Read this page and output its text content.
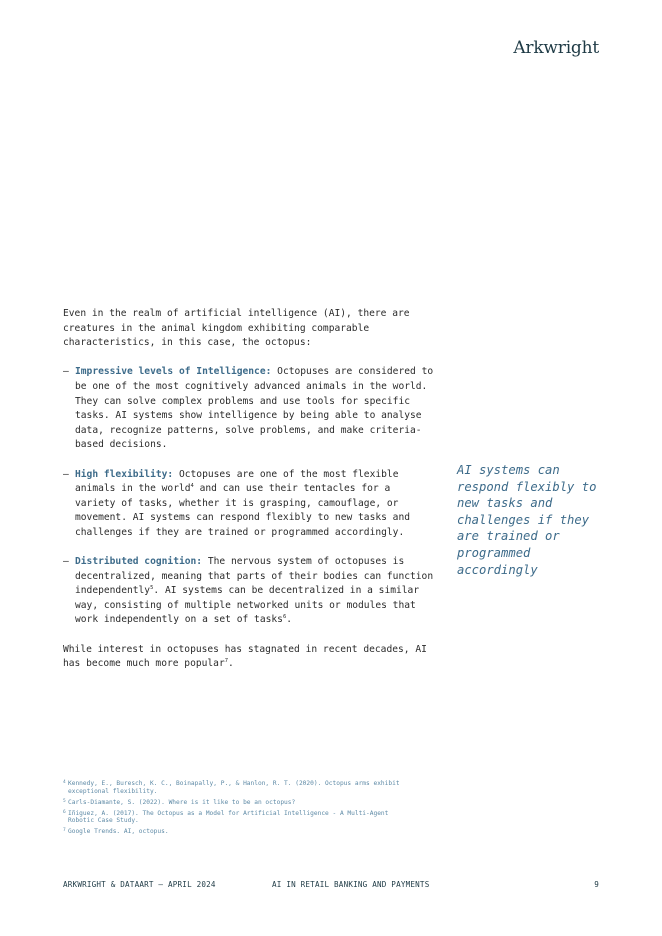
Arkwright

Even in the realm of artificial intelligence (AI), there are creatures in the animal kingdom exhibiting comparable characteristics, in this case, the octopus:

– Impressive levels of Intelligence: Octopuses are considered to be one of the most cognitively advanced animals in the world. They can solve complex problems and use tools for specific tasks. AI systems show intelligence by being able to analyse data, recognize patterns, solve problems, and make criteria-based decisions.
– High flexibility: Octopuses are one of the most flexible animals in the world$^4$ and can use their tentacles for a variety of tasks, whether it is grasping, camouflage, or movement. AI systems can respond flexibly to new tasks and challenges if they are trained or programmed accordingly.
– Distributed cognition: The nervous system of octopuses is decentralized, meaning that parts of their bodies can function independently$^5$. AI systems can be decentralized in a similar way, consisting of multiple networked units or modules that work independently on a set of tasks$^6$.

While interest in octopuses has stagnated in recent decades, AI has become much more popular$^7$.

AI systems can respond flexibly to new tasks and challenges if they are trained or programmed accordingly
4 Kennedy, E., Buresch, K. C., Boinapally, P., & Hanlon, R. T. (2020). Octopus arms exhibit exceptional flexibility.
5 Carls-Diamante, S. (2022). Where is it like to be an octopus?
6 Iñiguez, A. (2017). The Octopus as a Model for Artificial Intelligence - A Multi-Agent Robotic Case Study.
7 Google Trends. AI, octopus.
ARKWRIGHT & DATAART – APRIL 2024	AI IN RETAIL BANKING AND PAYMENTS	9
